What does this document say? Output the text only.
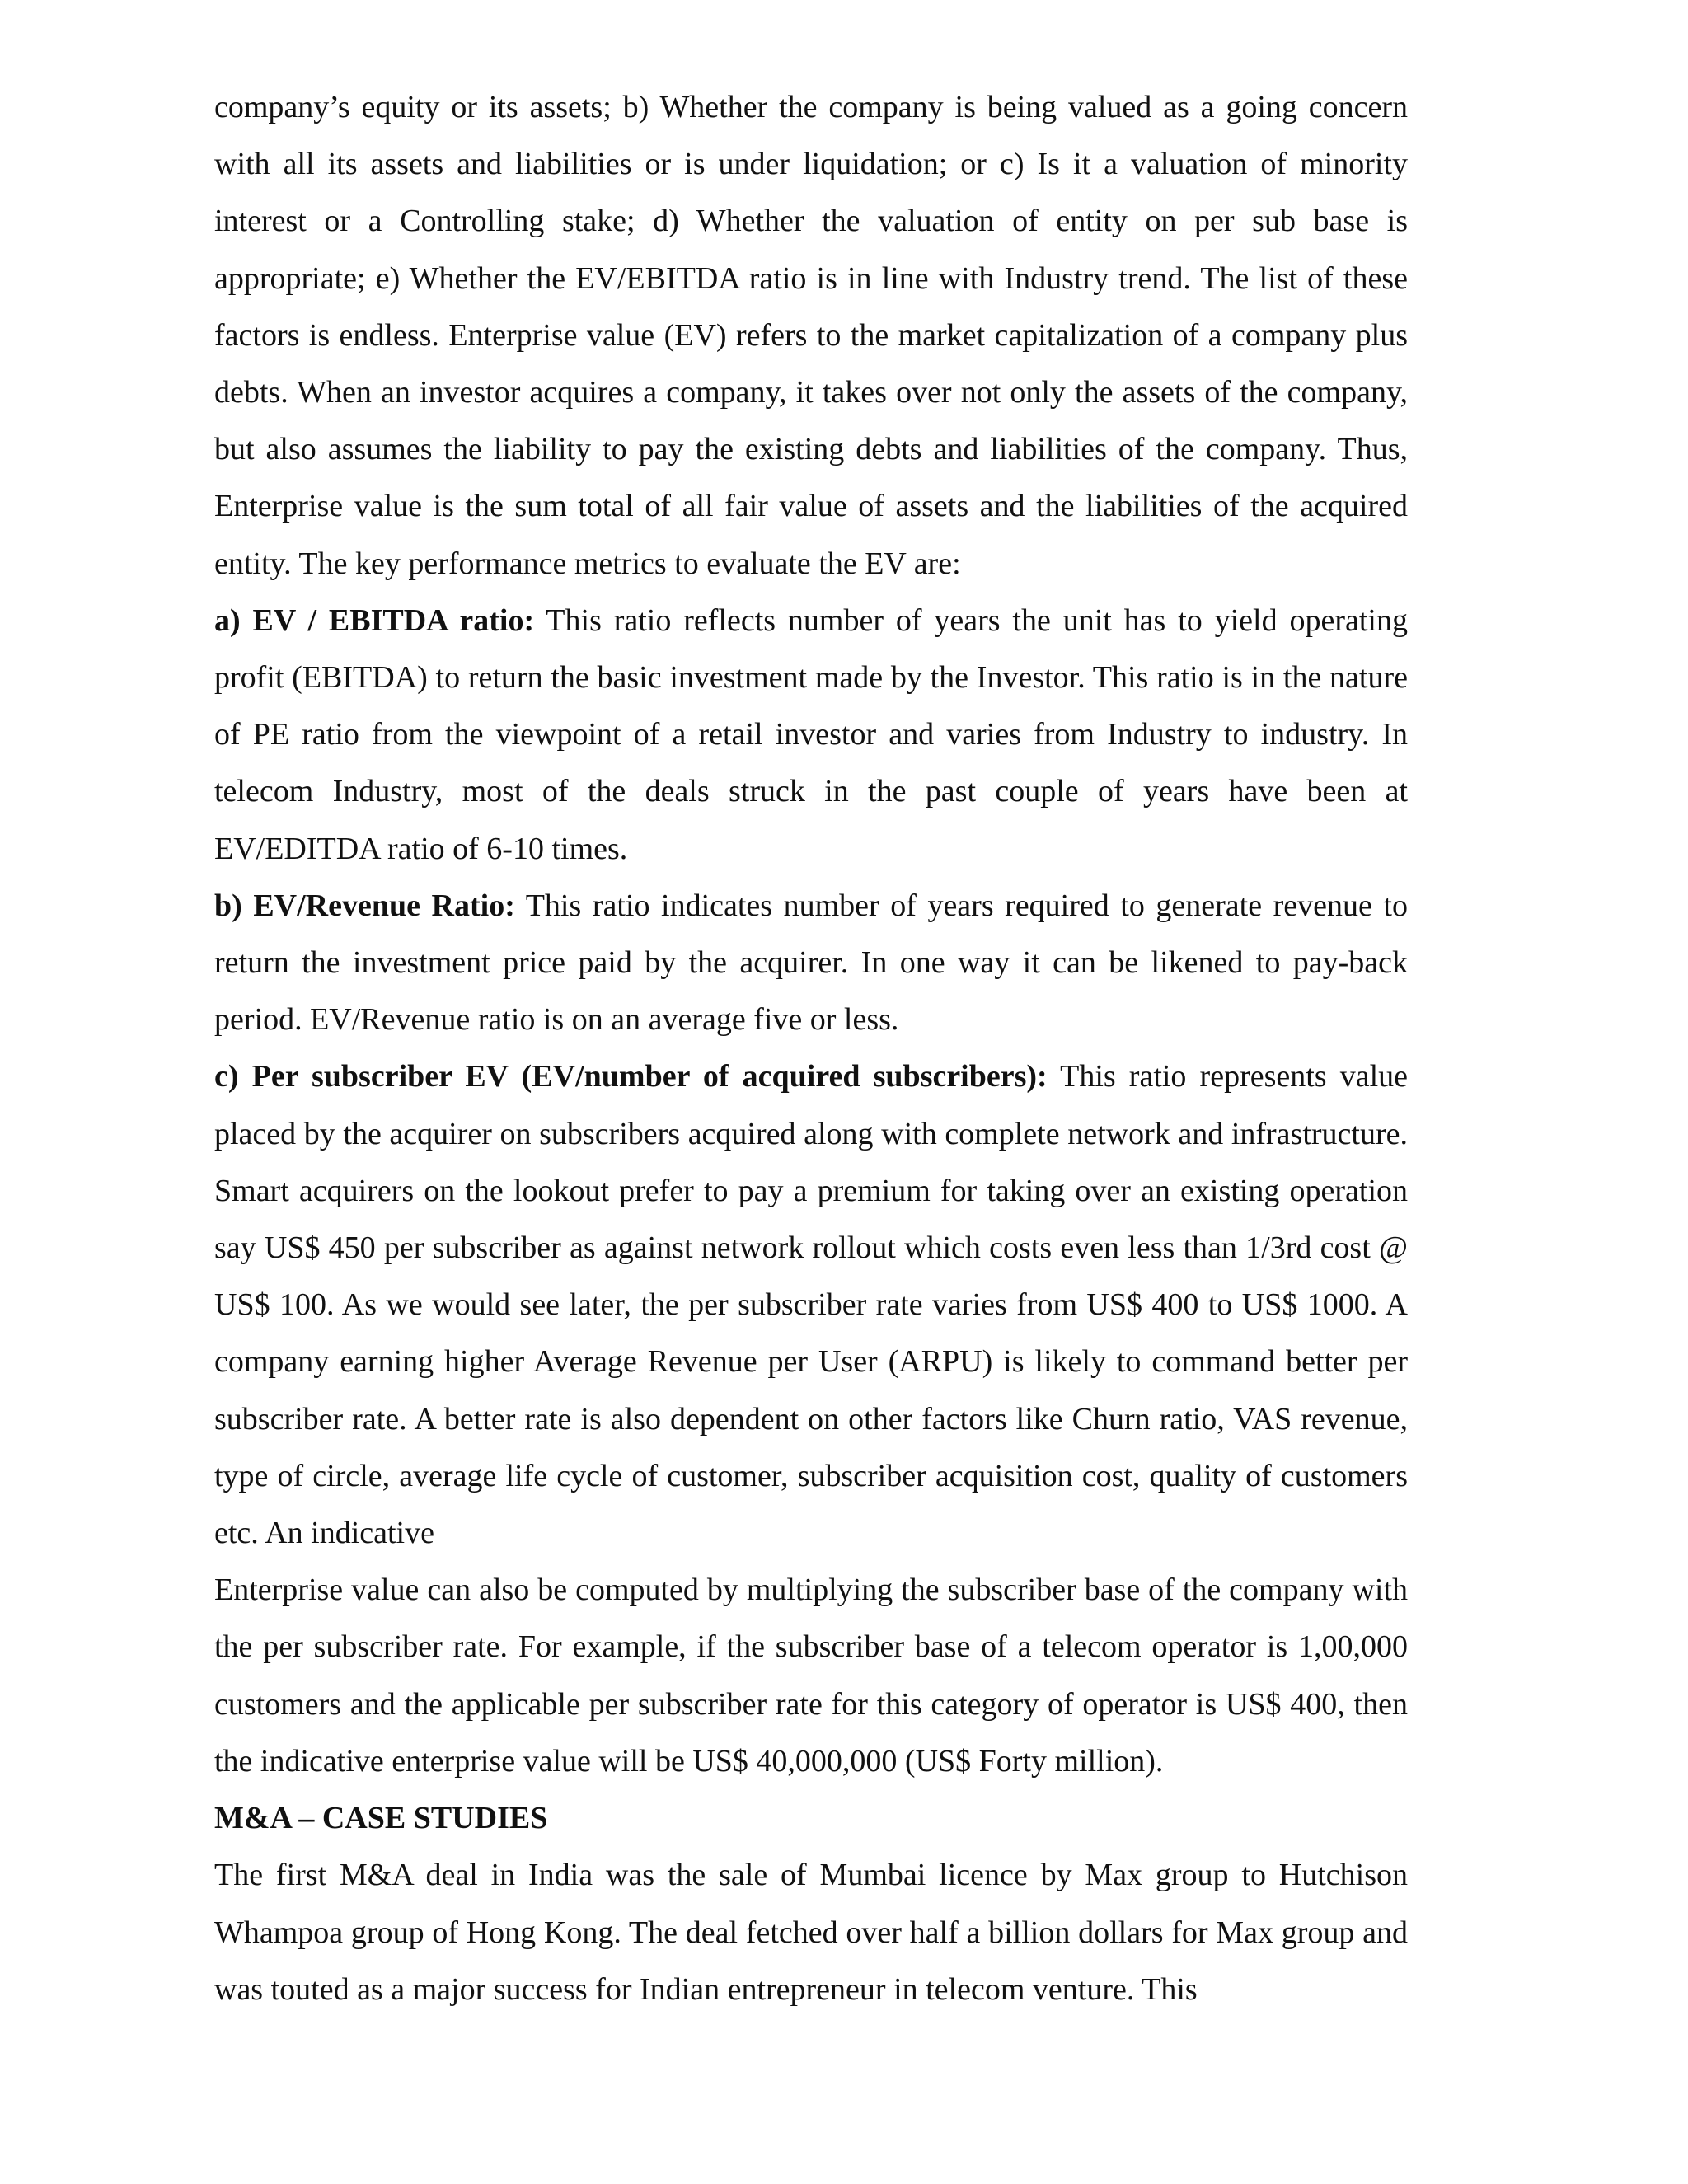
company’s equity or its assets; b) Whether the company is being valued as a going concern with all its assets and liabilities or is under liquidation; or c) Is it a valuation of minority interest or a Controlling stake; d) Whether the valuation of entity on per sub base is appropriate; e) Whether the EV/EBITDA ratio is in line with Industry trend. The list of these factors is endless. Enterprise value (EV) refers to the market capitalization of a company plus debts. When an investor acquires a company, it takes over not only the assets of the company, but also assumes the liability to pay the existing debts and liabilities of the company. Thus, Enterprise value is the sum total of all fair value of assets and the liabilities of the acquired entity. The key performance metrics to evaluate the EV are:

a) EV / EBITDA ratio: This ratio reflects number of years the unit has to yield operating profit (EBITDA) to return the basic investment made by the Investor. This ratio is in the nature of PE ratio from the viewpoint of a retail investor and varies from Industry to industry. In telecom Industry, most of the deals struck in the past couple of years have been at EV/EDITDA ratio of 6-10 times.

b) EV/Revenue Ratio: This ratio indicates number of years required to generate revenue to return the investment price paid by the acquirer. In one way it can be likened to pay-back period. EV/Revenue ratio is on an average five or less.

c) Per subscriber EV (EV/number of acquired subscribers): This ratio represents value placed by the acquirer on subscribers acquired along with complete network and infrastructure. Smart acquirers on the lookout prefer to pay a premium for taking over an existing operation say US$ 450 per subscriber as against network rollout which costs even less than 1/3rd cost @ US$ 100. As we would see later, the per subscriber rate varies from US$ 400 to US$ 1000. A company earning higher Average Revenue per User (ARPU) is likely to command better per subscriber rate. A better rate is also dependent on other factors like Churn ratio, VAS revenue, type of circle, average life cycle of customer, subscriber acquisition cost, quality of customers etc. An indicative

Enterprise value can also be computed by multiplying the subscriber base of the company with the per subscriber rate. For example, if the subscriber base of a telecom operator is 1,00,000 customers and the applicable per subscriber rate for this category of operator is US$ 400, then the indicative enterprise value will be US$ 40,000,000 (US$ Forty million).

M&A – CASE STUDIES

The first M&A deal in India was the sale of Mumbai licence by Max group to Hutchison Whampoa group of Hong Kong. The deal fetched over half a billion dollars for Max group and was touted as a major success for Indian entrepreneur in telecom venture. This
